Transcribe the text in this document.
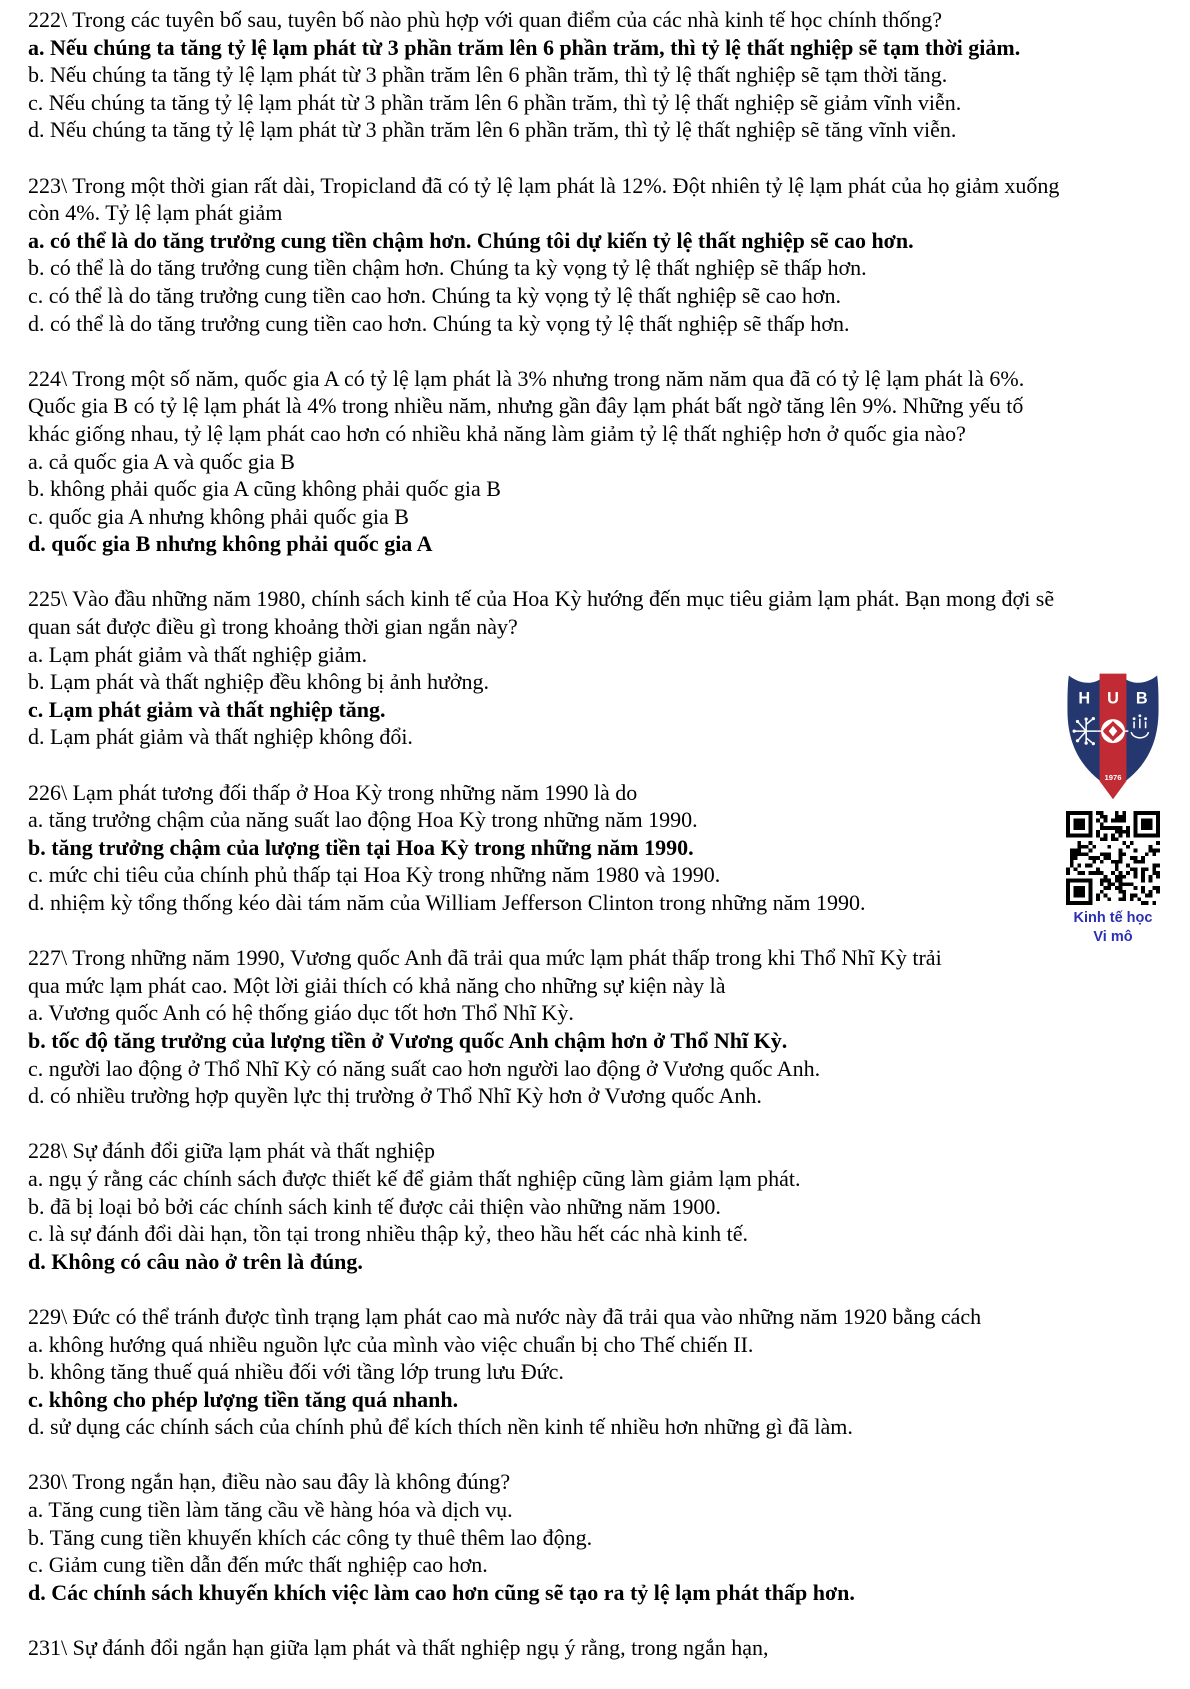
222\ Trong các tuyên bố sau, tuyên bố nào phù hợp với quan điểm của các nhà kinh tế học chính thống?
a. Nếu chúng ta tăng tỷ lệ lạm phát từ 3 phần trăm lên 6 phần trăm, thì tỷ lệ thất nghiệp sẽ tạm thời giảm.
b. Nếu chúng ta tăng tỷ lệ lạm phát từ 3 phần trăm lên 6 phần trăm, thì tỷ lệ thất nghiệp sẽ tạm thời tăng.
c. Nếu chúng ta tăng tỷ lệ lạm phát từ 3 phần trăm lên 6 phần trăm, thì tỷ lệ thất nghiệp sẽ giảm vĩnh viễn.
d. Nếu chúng ta tăng tỷ lệ lạm phát từ 3 phần trăm lên 6 phần trăm, thì tỷ lệ thất nghiệp sẽ tăng vĩnh viễn.
223\ Trong một thời gian rất dài, Tropicland đã có tỷ lệ lạm phát là 12%. Đột nhiên tỷ lệ lạm phát của họ giảm xuống
còn 4%. Tỷ lệ lạm phát giảm
a. có thể là do tăng trưởng cung tiền chậm hơn. Chúng tôi dự kiến tỷ lệ thất nghiệp sẽ cao hơn.
b. có thể là do tăng trưởng cung tiền chậm hơn. Chúng ta kỳ vọng tỷ lệ thất nghiệp sẽ thấp hơn.
c. có thể là do tăng trưởng cung tiền cao hơn. Chúng ta kỳ vọng tỷ lệ thất nghiệp sẽ cao hơn.
d. có thể là do tăng trưởng cung tiền cao hơn. Chúng ta kỳ vọng tỷ lệ thất nghiệp sẽ thấp hơn.
224\ Trong một số năm, quốc gia A có tỷ lệ lạm phát là 3% nhưng trong năm năm qua đã có tỷ lệ lạm phát là 6%.
Quốc gia B có tỷ lệ lạm phát là 4% trong nhiều năm, nhưng gần đây lạm phát bất ngờ tăng lên 9%. Những yếu tố
khác giống nhau, tỷ lệ lạm phát cao hơn có nhiều khả năng làm giảm tỷ lệ thất nghiệp hơn ở quốc gia nào?
a. cả quốc gia A và quốc gia B
b. không phải quốc gia A cũng không phải quốc gia B
c. quốc gia A nhưng không phải quốc gia B
d. quốc gia B nhưng không phải quốc gia A
225\ Vào đầu những năm 1980, chính sách kinh tế của Hoa Kỳ hướng đến mục tiêu giảm lạm phát. Bạn mong đợi sẽ
quan sát được điều gì trong khoảng thời gian ngắn này?
a. Lạm phát giảm và thất nghiệp giảm.
b. Lạm phát và thất nghiệp đều không bị ảnh hưởng.
c. Lạm phát giảm và thất nghiệp tăng.
d. Lạm phát giảm và thất nghiệp không đổi.
226\ Lạm phát tương đối thấp ở Hoa Kỳ trong những năm 1990 là do
a. tăng trưởng chậm của năng suất lao động Hoa Kỳ trong những năm 1990.
b. tăng trưởng chậm của lượng tiền tại Hoa Kỳ trong những năm 1990.
c. mức chi tiêu của chính phủ thấp tại Hoa Kỳ trong những năm 1980 và 1990.
d. nhiệm kỳ tổng thống kéo dài tám năm của William Jefferson Clinton trong những năm 1990.
227\ Trong những năm 1990, Vương quốc Anh đã trải qua mức lạm phát thấp trong khi Thổ Nhĩ Kỳ trải
qua mức lạm phát cao. Một lời giải thích có khả năng cho những sự kiện này là
a. Vương quốc Anh có hệ thống giáo dục tốt hơn Thổ Nhĩ Kỳ.
b. tốc độ tăng trưởng của lượng tiền ở Vương quốc Anh chậm hơn ở Thổ Nhĩ Kỳ.
c. người lao động ở Thổ Nhĩ Kỳ có năng suất cao hơn người lao động ở Vương quốc Anh.
d. có nhiều trường hợp quyền lực thị trường ở Thổ Nhĩ Kỳ hơn ở Vương quốc Anh.
228\ Sự đánh đổi giữa lạm phát và thất nghiệp
a. ngụ ý rằng các chính sách được thiết kế để giảm thất nghiệp cũng làm giảm lạm phát.
b. đã bị loại bỏ bởi các chính sách kinh tế được cải thiện vào những năm 1900.
c. là sự đánh đổi dài hạn, tồn tại trong nhiều thập kỷ, theo hầu hết các nhà kinh tế.
d. Không có câu nào ở trên là đúng.
229\ Đức có thể tránh được tình trạng lạm phát cao mà nước này đã trải qua vào những năm 1920 bằng cách
a. không hướng quá nhiều nguồn lực của mình vào việc chuẩn bị cho Thế chiến II.
b. không tăng thuế quá nhiều đối với tầng lớp trung lưu Đức.
c. không cho phép lượng tiền tăng quá nhanh.
d. sử dụng các chính sách của chính phủ để kích thích nền kinh tế nhiều hơn những gì đã làm.
230\ Trong ngắn hạn, điều nào sau đây là không đúng?
a. Tăng cung tiền làm tăng cầu về hàng hóa và dịch vụ.
b. Tăng cung tiền khuyến khích các công ty thuê thêm lao động.
c. Giảm cung tiền dẫn đến mức thất nghiệp cao hơn.
d. Các chính sách khuyến khích việc làm cao hơn cũng sẽ tạo ra tỷ lệ lạm phát thấp hơn.
231\ Sự đánh đổi ngắn hạn giữa lạm phát và thất nghiệp ngụ ý rằng, trong ngắn hạn,
H U B
1976
Kinh tế học
Vi mô
